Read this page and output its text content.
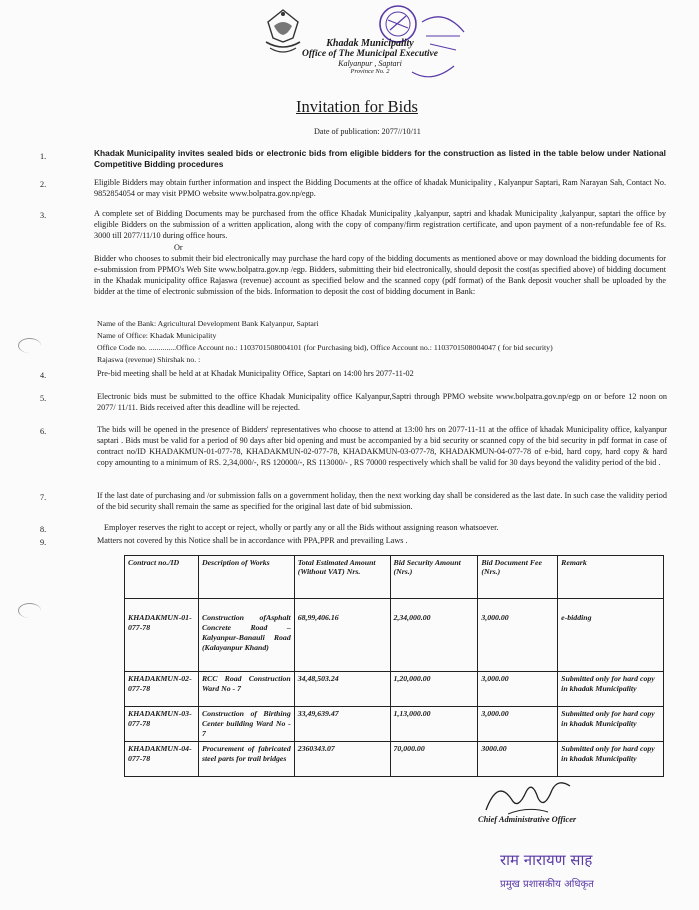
Khadak Municipality
Office of The Municipal Executive
Kalyanpur , Saptari
Province No. 2
Invitation for Bids
Date of publication: 2077//10/11
1.	Khadak Municipality invites sealed bids or electronic bids from eligible bidders for the construction as listed in the table below under National Competitive Bidding procedures
2.	Eligible Bidders may obtain further information and inspect the Bidding Documents at the office of khadak Municipality , Kalyanpur Saptari, Ram Narayan Sah, Contact No. 9852854054 or may visit PPMO website www.bolpatra.gov.np/egp.
3.	A complete set of Bidding Documents may be purchased from the office Khadak Municipality ,kalyanpur, saptri and khadak Municipality ,kalyanpur, saptari the office by eligible Bidders on the submission of a written application, along with the copy of company/firm registration certificate, and upon payment of a non-refundable fee of Rs. 3000 till 2077/11/10 during office hours.
Or
Bidder who chooses to submit their bid electronically may purchase the hard copy of the bidding documents as mentioned above or may download the bidding documents for e-submission from PPMO's Web Site www.bolpatra.gov.np /egp. Bidders, submitting their bid electronically, should deposit the cost(as specified above) of bidding document in the Khadak municipality office Rajaswa (revenue) account as specified below and the scanned copy (pdf format) of the Bank deposit voucher shall be uploaded by the bidder at the time of electronic submission of the bids. Information to deposit the cost of bidding document in Bank:
Name of the Bank: Agricultural Development Bank Kalyanpur, Saptari
Name of Office: Khadak Municipality
Office Code no. ..............Office Account no.: 1103701508004101 (for Purchasing bid), Office Account no.: 1103701508004047 ( for bid security)
Rajaswa (revenue) Shirshak no. :
4.	Pre-bid meeting shall be held at at Khadak Municipality Office, Saptari on 14:00 hrs 2077-11-02
5.	Electronic bids must be submitted to the office Khadak Municipality office Kalyanpur,Saptri through PPMO website www.bolpatra.gov.np/egp on or before 12 noon on 2077/ 11/11. Bids received after this deadline will be rejected.
6.	The bids will be opened in the presence of Bidders' representatives who choose to attend at 13:00 hrs on 2077-11-11 at the office of khadak Municipality office, kalyanpur saptari . Bids must be valid for a period of 90 days after bid opening and must be accompanied by a bid security or scanned copy of the bid security in pdf format in case of contract no/ID KHADAKMUN-01-077-78, KHADAKMUN-02-077-78, KHADAKMUN-03-077-78, KHADAKMUN-04-077-78 of e-bid, hard copy, hard copy & hard copy amounting to a minimum of RS. 2,34,000/-, RS 120000/-, RS 113000/- , RS 70000 respectively which shall be valid for 30 days beyond the validity period of the bid .
7.	If the last date of purchasing and /or submission falls on a government holiday, then the next working day shall be considered as the last date. In such case the validity period of the bid security shall remain the same as specified for the original last date of bid submission.
8.	Employer reserves the right to accept or reject, wholly or partly any or all the Bids without assigning reason whatsoever.
9.	Matters not covered by this Notice shall be in accordance with PPA,PPR and prevailing Laws .
Contract no./ID	Description of Works	Total Estimated Amount (Without VAT) Nrs.	Bid Security Amount (Nrs.)	Bid Document Fee (Nrs.)	Remark
KHADAKMUN-01-077-78	Construction ofAsphalt Concrete Road – Kalyanpur-Banauli Road (Kalayanpur Khand)	68,99,406.16	2,34,000.00	3,000.00	e-bidding
KHADAKMUN-02-077-78	RCC Road Construction Ward No - 7	34,48,503.24	1,20,000.00	3,000.00	Submitted only for hard copy in khadak Municipality
KHADAKMUN-03-077-78	Construction of Birthing Center building Ward No - 7	33,49,639.47	1,13,000.00	3,000.00	Submitted only for hard copy in khadak Municipality
KHADAKMUN-04-077-78	Procurement of fabricated steel parts for trail bridges	2360343.07	70,000.00	3000.00	Submitted only for hard copy in khadak Municipality
Chief Administrative Officer
राम नारायण साह
प्रमुख प्रशासकीय अधिकृत
